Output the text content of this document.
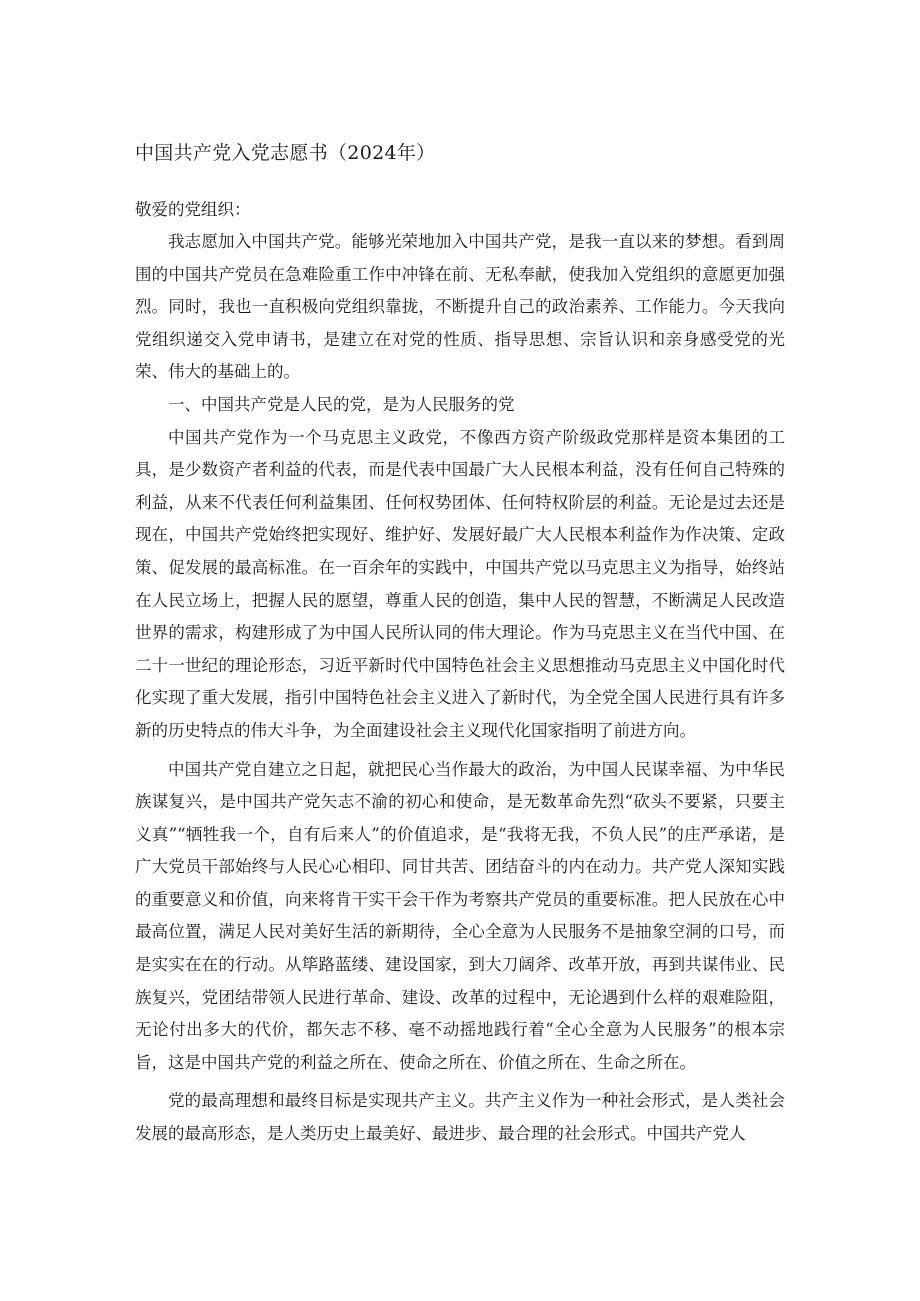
中国共产党入党志愿书（2024年）

敬爱的党组织：

我志愿加入中国共产党。能够光荣地加入中国共产党，是我一直以来的梦想。看到周围的中国共产党员在急难险重工作中冲锋在前、无私奉献，使我加入党组织的意愿更加强烈。同时，我也一直积极向党组织靠拢，不断提升自己的政治素养、工作能力。今天我向党组织递交入党申请书，是建立在对党的性质、指导思想、宗旨认识和亲身感受党的光荣、伟大的基础上的。

一、中国共产党是人民的党，是为人民服务的党

中国共产党作为一个马克思主义政党，不像西方资产阶级政党那样是资本集团的工具，是少数资产者利益的代表，而是代表中国最广大人民根本利益，没有任何自己特殊的利益，从来不代表任何利益集团、任何权势团体、任何特权阶层的利益。无论是过去还是现在，中国共产党始终把实现好、维护好、发展好最广大人民根本利益作为作决策、定政策、促发展的最高标准。在一百余年的实践中，中国共产党以马克思主义为指导，始终站在人民立场上，把握人民的愿望，尊重人民的创造，集中人民的智慧，不断满足人民改造世界的需求，构建形成了为中国人民所认同的伟大理论。作为马克思主义在当代中国、在二十一世纪的理论形态，习近平新时代中国特色社会主义思想推动马克思主义中国化时代化实现了重大发展，指引中国特色社会主义进入了新时代，为全党全国人民进行具有许多新的历史特点的伟大斗争，为全面建设社会主义现代化国家指明了前进方向。

中国共产党自建立之日起，就把民心当作最大的政治，为中国人民谋幸福、为中华民族谋复兴，是中国共产党矢志不渝的初心和使命，是无数革命先烈“砍头不要紧，只要主义真”“牺牲我一个，自有后来人”的价值追求，是“我将无我，不负人民”的庄严承诺，是广大党员干部始终与人民心心相印、同甘共苦、团结奋斗的内在动力。共产党人深知实践的重要意义和价值，向来将肯干实干会干作为考察共产党员的重要标准。把人民放在心中最高位置，满足人民对美好生活的新期待，全心全意为人民服务不是抽象空洞的口号，而是实实在在的行动。从筚路蓝缕、建设国家，到大刀阔斧、改革开放，再到共谋伟业、民族复兴，党团结带领人民进行革命、建设、改革的过程中，无论遇到什么样的艰难险阻，无论付出多大的代价，都矢志不移、毫不动摇地践行着“全心全意为人民服务”的根本宗旨，这是中国共产党的利益之所在、使命之所在、价值之所在、生命之所在。

党的最高理想和最终目标是实现共产主义。共产主义作为一种社会形式，是人类社会发展的最高形态，是人类历史上最美好、最进步、最合理的社会形式。中国共产党人
